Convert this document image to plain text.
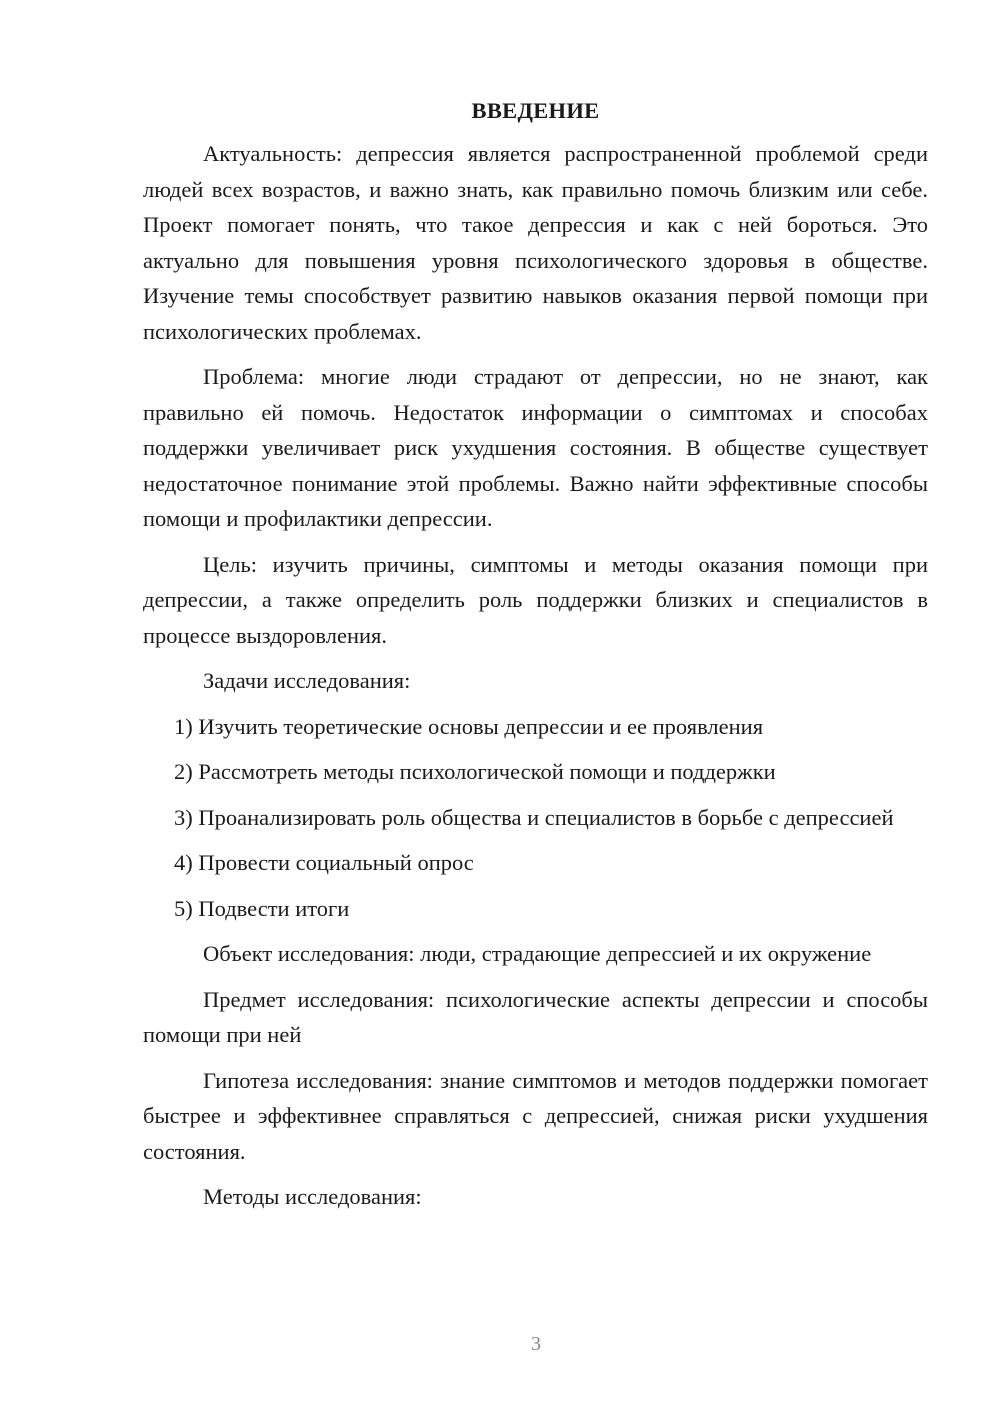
ВВЕДЕНИЕ

Актуальность: депрессия является распространенной проблемой среди людей всех возрастов, и важно знать, как правильно помочь близким или себе. Проект помогает понять, что такое депрессия и как с ней бороться. Это актуально для повышения уровня психологического здоровья в обществе. Изучение темы способствует развитию навыков оказания первой помощи при психологических проблемах.

Проблема: многие люди страдают от депрессии, но не знают, как правильно ей помочь. Недостаток информации о симптомах и способах поддержки увеличивает риск ухудшения состояния. В обществе существует недостаточное понимание этой проблемы. Важно найти эффективные способы помощи и профилактики депрессии.

Цель: изучить причины, симптомы и методы оказания помощи при депрессии, а также определить роль поддержки близких и специалистов в процессе выздоровления.

Задачи исследования:

1) Изучить теоретические основы депрессии и ее проявления

2) Рассмотреть методы психологической помощи и поддержки

3) Проанализировать роль общества и специалистов в борьбе с депрессией

4) Провести социальный опрос

5) Подвести итоги

Объект исследования: люди, страдающие депрессией и их окружение

Предмет исследования: психологические аспекты депрессии и способы помощи при ней

Гипотеза исследования: знание симптомов и методов поддержки помогает быстрее и эффективнее справляться с депрессией, снижая риски ухудшения состояния.

Методы исследования:

3
